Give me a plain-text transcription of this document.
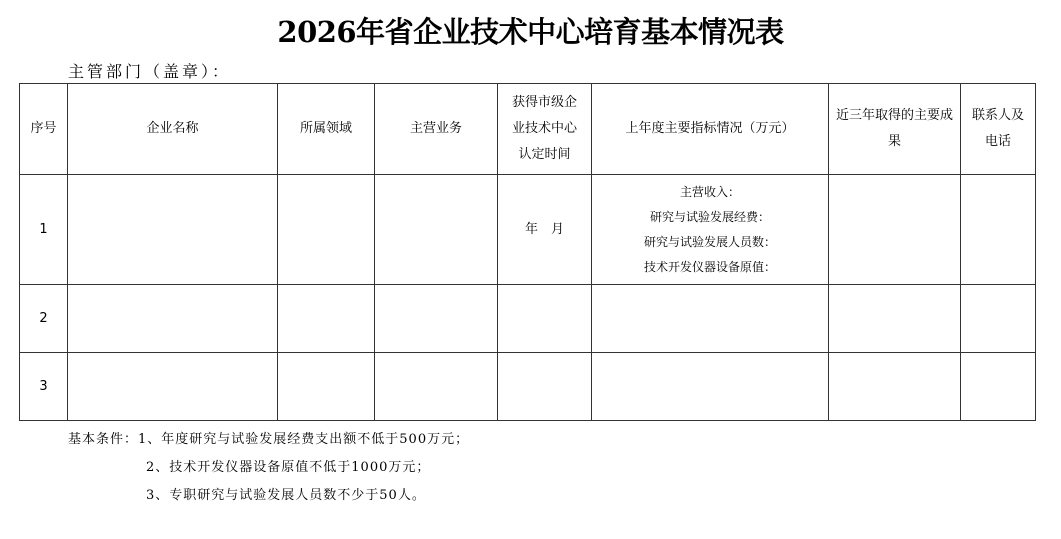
2026年省企业技术中心培育基本情况表
主管部门（盖章）：
序号	企业名称	所属领域	主营业务	获得市级企业技术中心认定时间	上年度主要指标情况（万元）	近三年取得的主要成果	联系人及电话
1				年　月	主营收入：
研究与试验发展经费：
研究与试验发展人员数：
技术开发仪器设备原值：		

2							
3							
基本条件：1、年度研究与试验发展经费支出额不低于500万元；
2、技术开发仪器设备原值不低于1000万元；
3、专职研究与试验发展人员数不少于50人。
